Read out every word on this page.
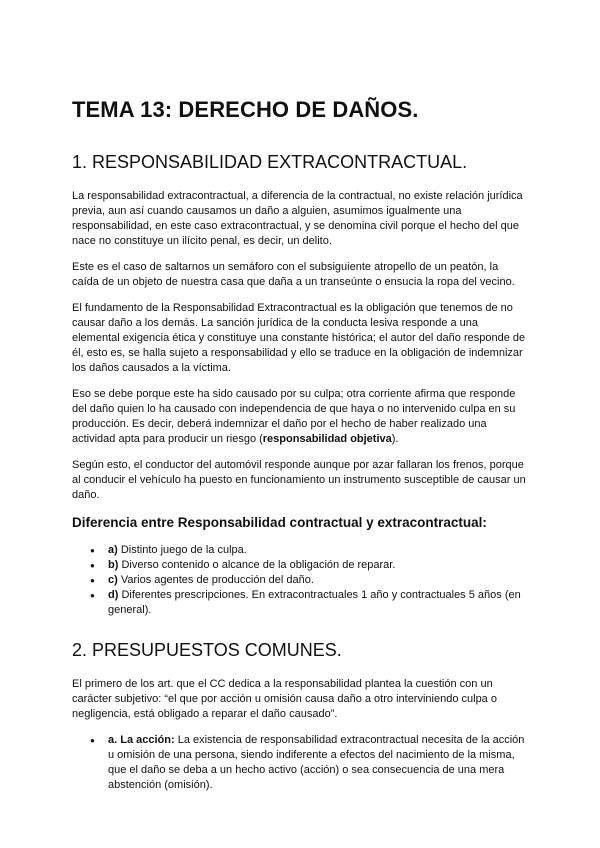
TEMA 13: DERECHO DE DAÑOS.
1. RESPONSABILIDAD EXTRACONTRACTUAL.

La responsabilidad extracontractual, a diferencia de la contractual, no existe relación jurídica previa, aun así cuando causamos un daño a alguien, asumimos igualmente una responsabilidad, en este caso extracontractual, y se denomina civil porque el hecho del que nace no constituye un ilícito penal, es decir, un delito.

Este es el caso de saltarnos un semáforo con el subsiguiente atropello de un peatón, la caída de un objeto de nuestra casa que daña a un transeúnte o ensucia la ropa del vecino.

El fundamento de la Responsabilidad Extracontractual es la obligación que tenemos de no causar daño a los demás. La sanción jurídica de la conducta lesiva responde a una elemental exigencia ética y constituye una constante histórica; el autor del daño responde de él, esto es, se halla sujeto a responsabilidad y ello se traduce en la obligación de indemnizar los daños causados a la víctima.

Eso se debe porque este ha sido causado por su culpa; otra corriente afirma que responde del daño quien lo ha causado con independencia de que haya o no intervenido culpa en su producción. Es decir, deberá indemnizar el daño por el hecho de haber realizado una actividad apta para producir un riesgo (responsabilidad objetiva).

Según esto, el conductor del automóvil responde aunque por azar fallaran los frenos, porque al conducir el vehículo ha puesto en funcionamiento un instrumento susceptible de causar un daño.

Diferencia entre Responsabilidad contractual y extracontractual:
● a) Distinto juego de la culpa.
● b) Diverso contenido o alcance de la obligación de reparar.
● c) Varios agentes de producción del daño.
● d) Diferentes prescripciones. En extracontractuales 1 año y contractuales 5 años (en general).
2. PRESUPUESTOS COMUNES.

El primero de los art. que el CC dedica a la responsabilidad plantea la cuestión con un carácter subjetivo: “el que por acción u omisión causa daño a otro interviniendo culpa o negligencia, está obligado a reparar el daño causado”.

● a. La acción: La existencia de responsabilidad extracontractual necesita de la acción u omisión de una persona, siendo indiferente a efectos del nacimiento de la misma, que el daño se deba a un hecho activo (acción) o sea consecuencia de una mera abstención (omisión).
